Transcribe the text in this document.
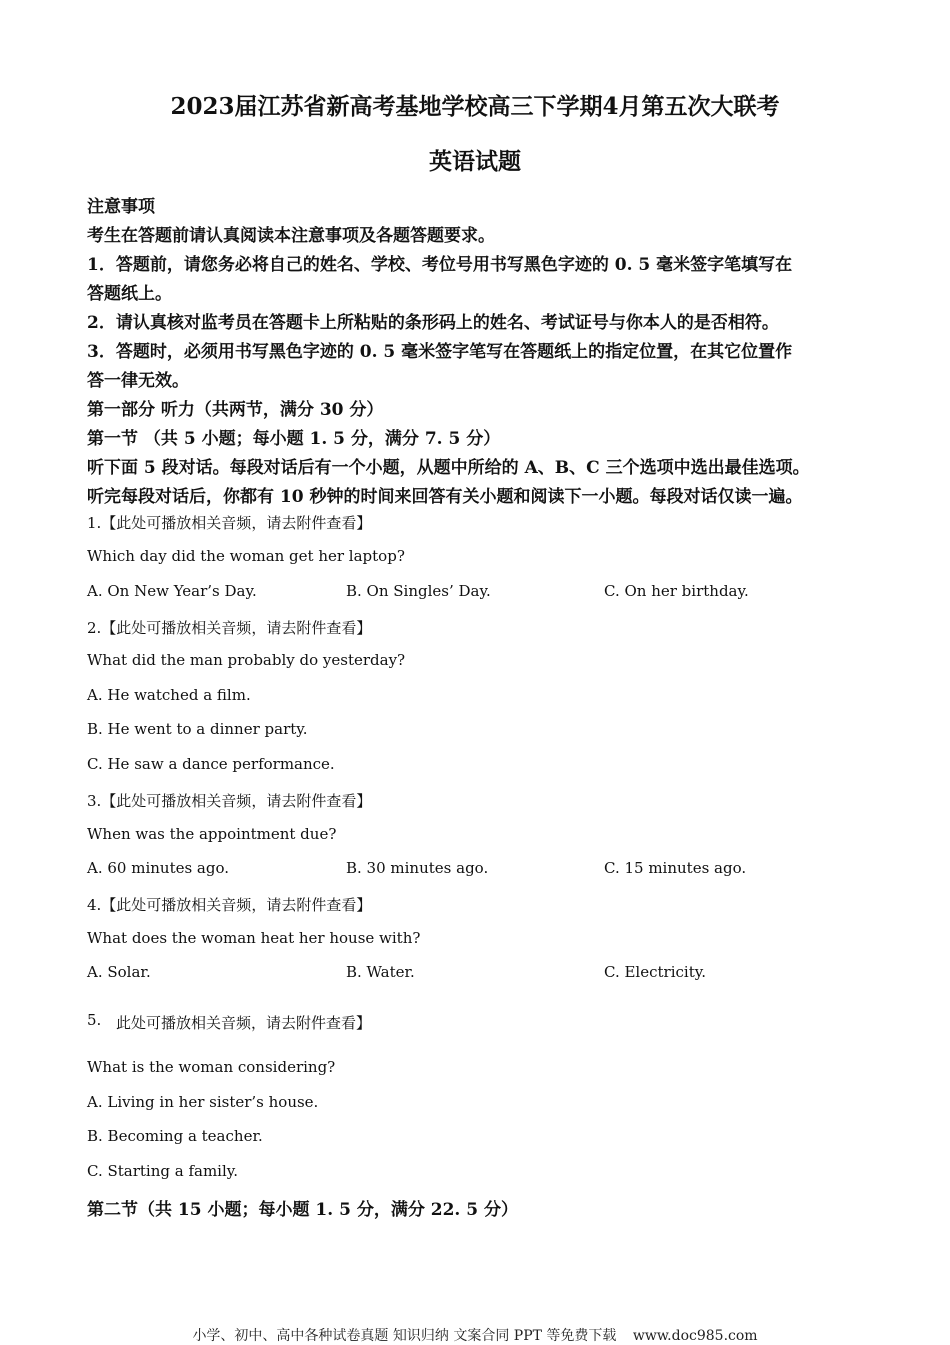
2023届江苏省新高考基地学校高三下学期4月第五次大联考
英语试题
注意事项
考生在答题前请认真阅读本注意事项及各题答题要求。
1．答题前，请您务必将自己的姓名、学校、考位号用书写黑色字迹的 0. 5 毫米签字笔填写在
答题纸上。
2．请认真核对监考员在答题卡上所粘贴的条形码上的姓名、考试证号与你本人的是否相符。
3．答题时，必须用书写黑色字迹的 0. 5 毫米签字笔写在答题纸上的指定位置，在其它位置作
答一律无效。
第一部分 听力（共两节，满分 30 分）
第一节 （共 5 小题；每小题 1. 5 分，满分 7. 5 分）
听下面 5 段对话。每段对话后有一个小题，从题中所给的 A、B、C 三个选项中选出最佳选项。
听完每段对话后，你都有 10 秒钟的时间来回答有关小题和阅读下一小题。每段对话仅读一遍。
1.【此处可播放相关音频，请去附件查看】
Which day did the woman get her laptop?
A. On New Year’s Day.	B. On Singles’ Day.	C. On her birthday.
2.【此处可播放相关音频，请去附件查看】
What did the man probably do yesterday?
A. He watched a film.
B. He went to a dinner party.
C. He saw a dance performance.
3.【此处可播放相关音频，请去附件查看】
When was the appointment due?
A. 60 minutes ago.	B. 30 minutes ago.	C. 15 minutes ago.
4.【此处可播放相关音频，请去附件查看】
What does the woman heat her house with?
A. Solar.	B. Water.	C. Electricity.
5. 此处可播放相关音频，请去附件查看】
What is the woman considering?
A. Living in her sister’s house.
B. Becoming a teacher.
C. Starting a family.
第二节（共 15 小题；每小题 1. 5 分，满分 22. 5 分）
小学、初中、高中各种试卷真题 知识归纳 文案合同 PPT 等免费下载 www.doc985.com
